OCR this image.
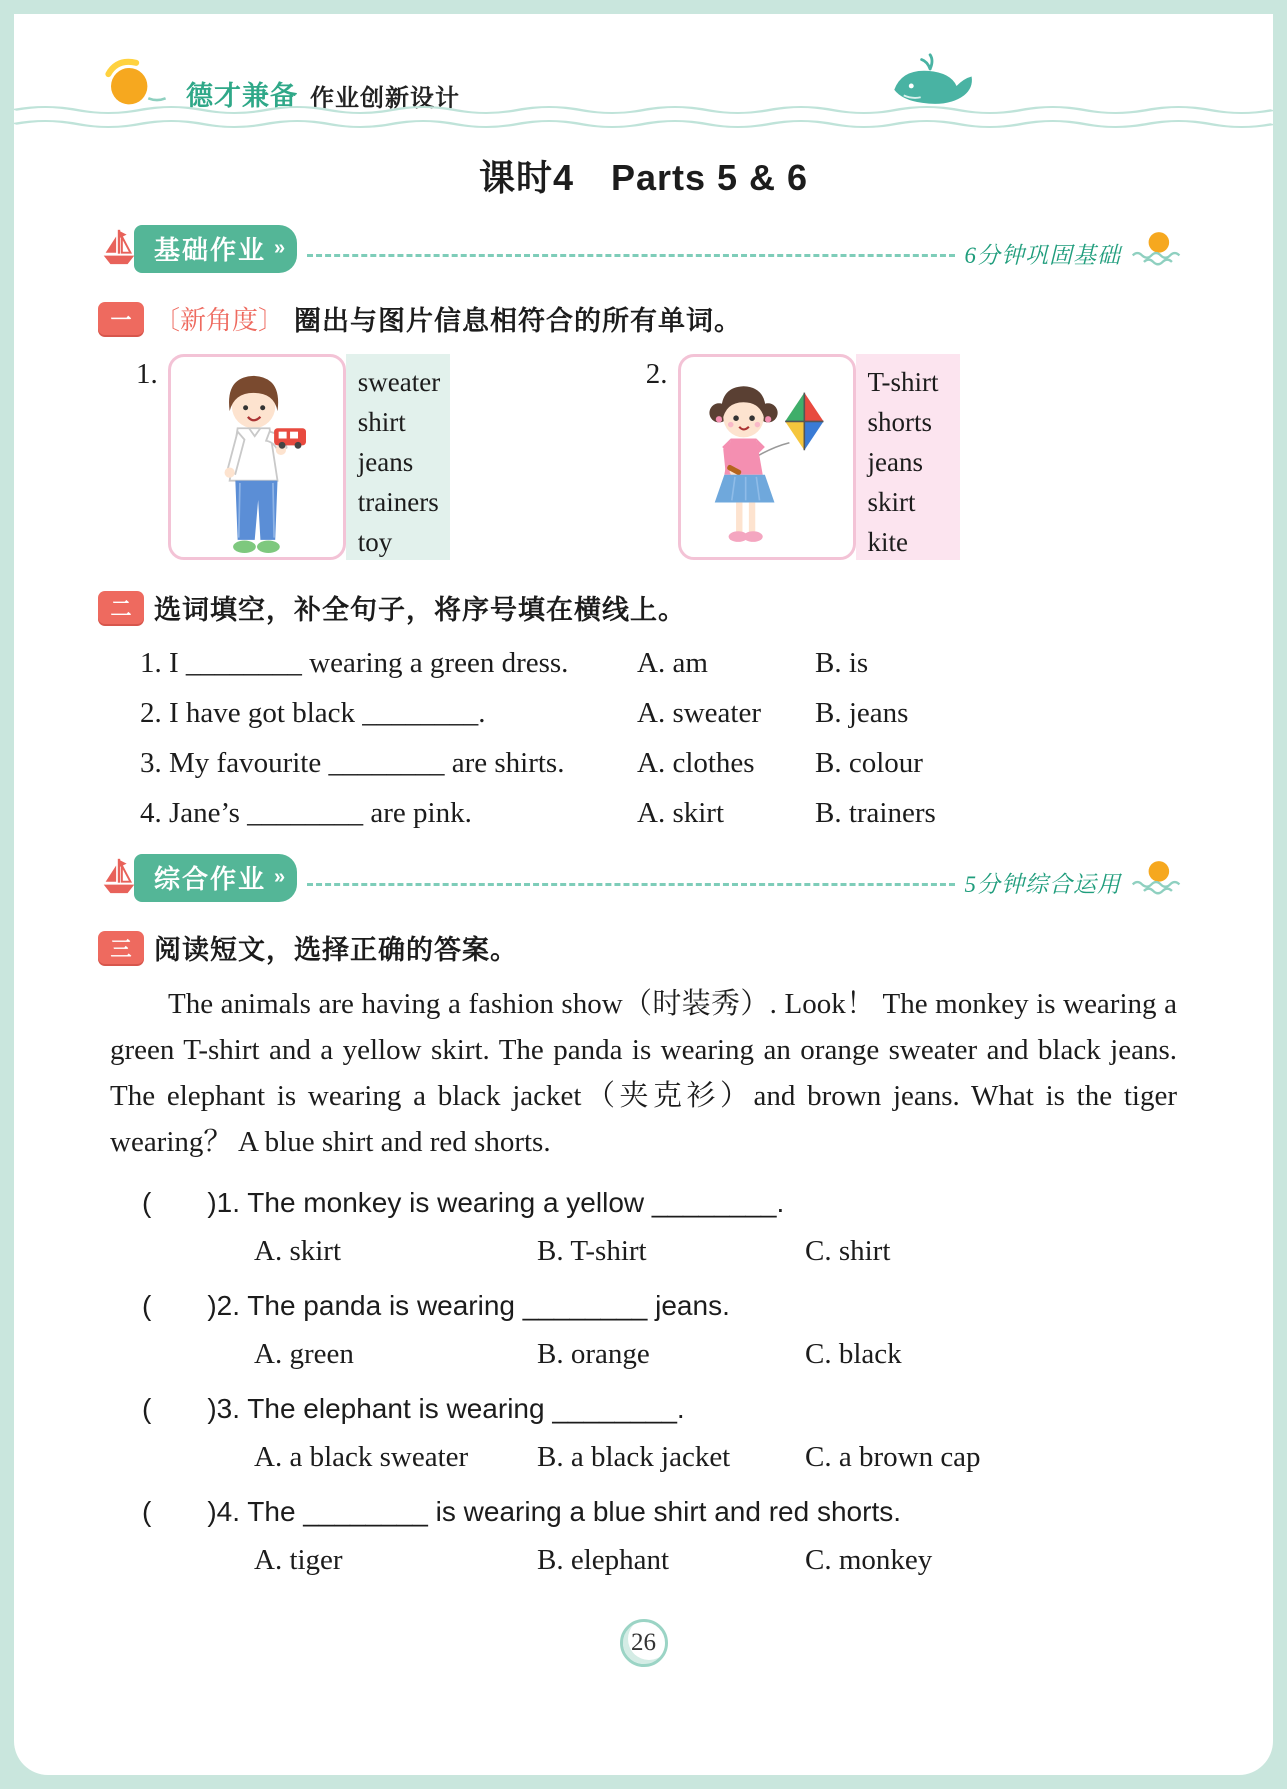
德才兼备 作业创新设计
课时4　Parts 5 & 6
基础作业 »	6分钟巩固基础
一 〔新角度〕 圈出与图片信息相符合的所有单词。
1.	sweater
shirt
jeans
trainers
toy
2.	T-shirt
shorts
jeans
skirt
kite
二 选词填空，补全句子，将序号填在横线上。
1. I ________ wearing a green dress.	A. am	B. is
2. I have got black ________.	A. sweater	B. jeans
3. My favourite ________ are shirts.	A. clothes	B. colour
4. Jane’s ________ are pink.	A. skirt	B. trainers
综合作业 »	5分钟综合运用
三 阅读短文，选择正确的答案。

The animals are having a fashion show（时装秀）. Look！ The monkey is wearing a green T-shirt and a yellow skirt. The panda is wearing an orange sweater and black jeans. The elephant is wearing a black jacket（夹克衫）and brown jeans. What is the tiger wearing？ A blue shirt and red shorts.

(　　)1. The monkey is wearing a yellow ________.
A. skirt	B. T-shirt	C. shirt
(　　)2. The panda is wearing ________ jeans.
A. green	B. orange	C. black
(　　)3. The elephant is wearing ________.
A. a black sweater	B. a black jacket	C. a brown cap
(　　)4. The ________ is wearing a blue shirt and red shorts.
A. tiger	B. elephant	C. monkey
26
